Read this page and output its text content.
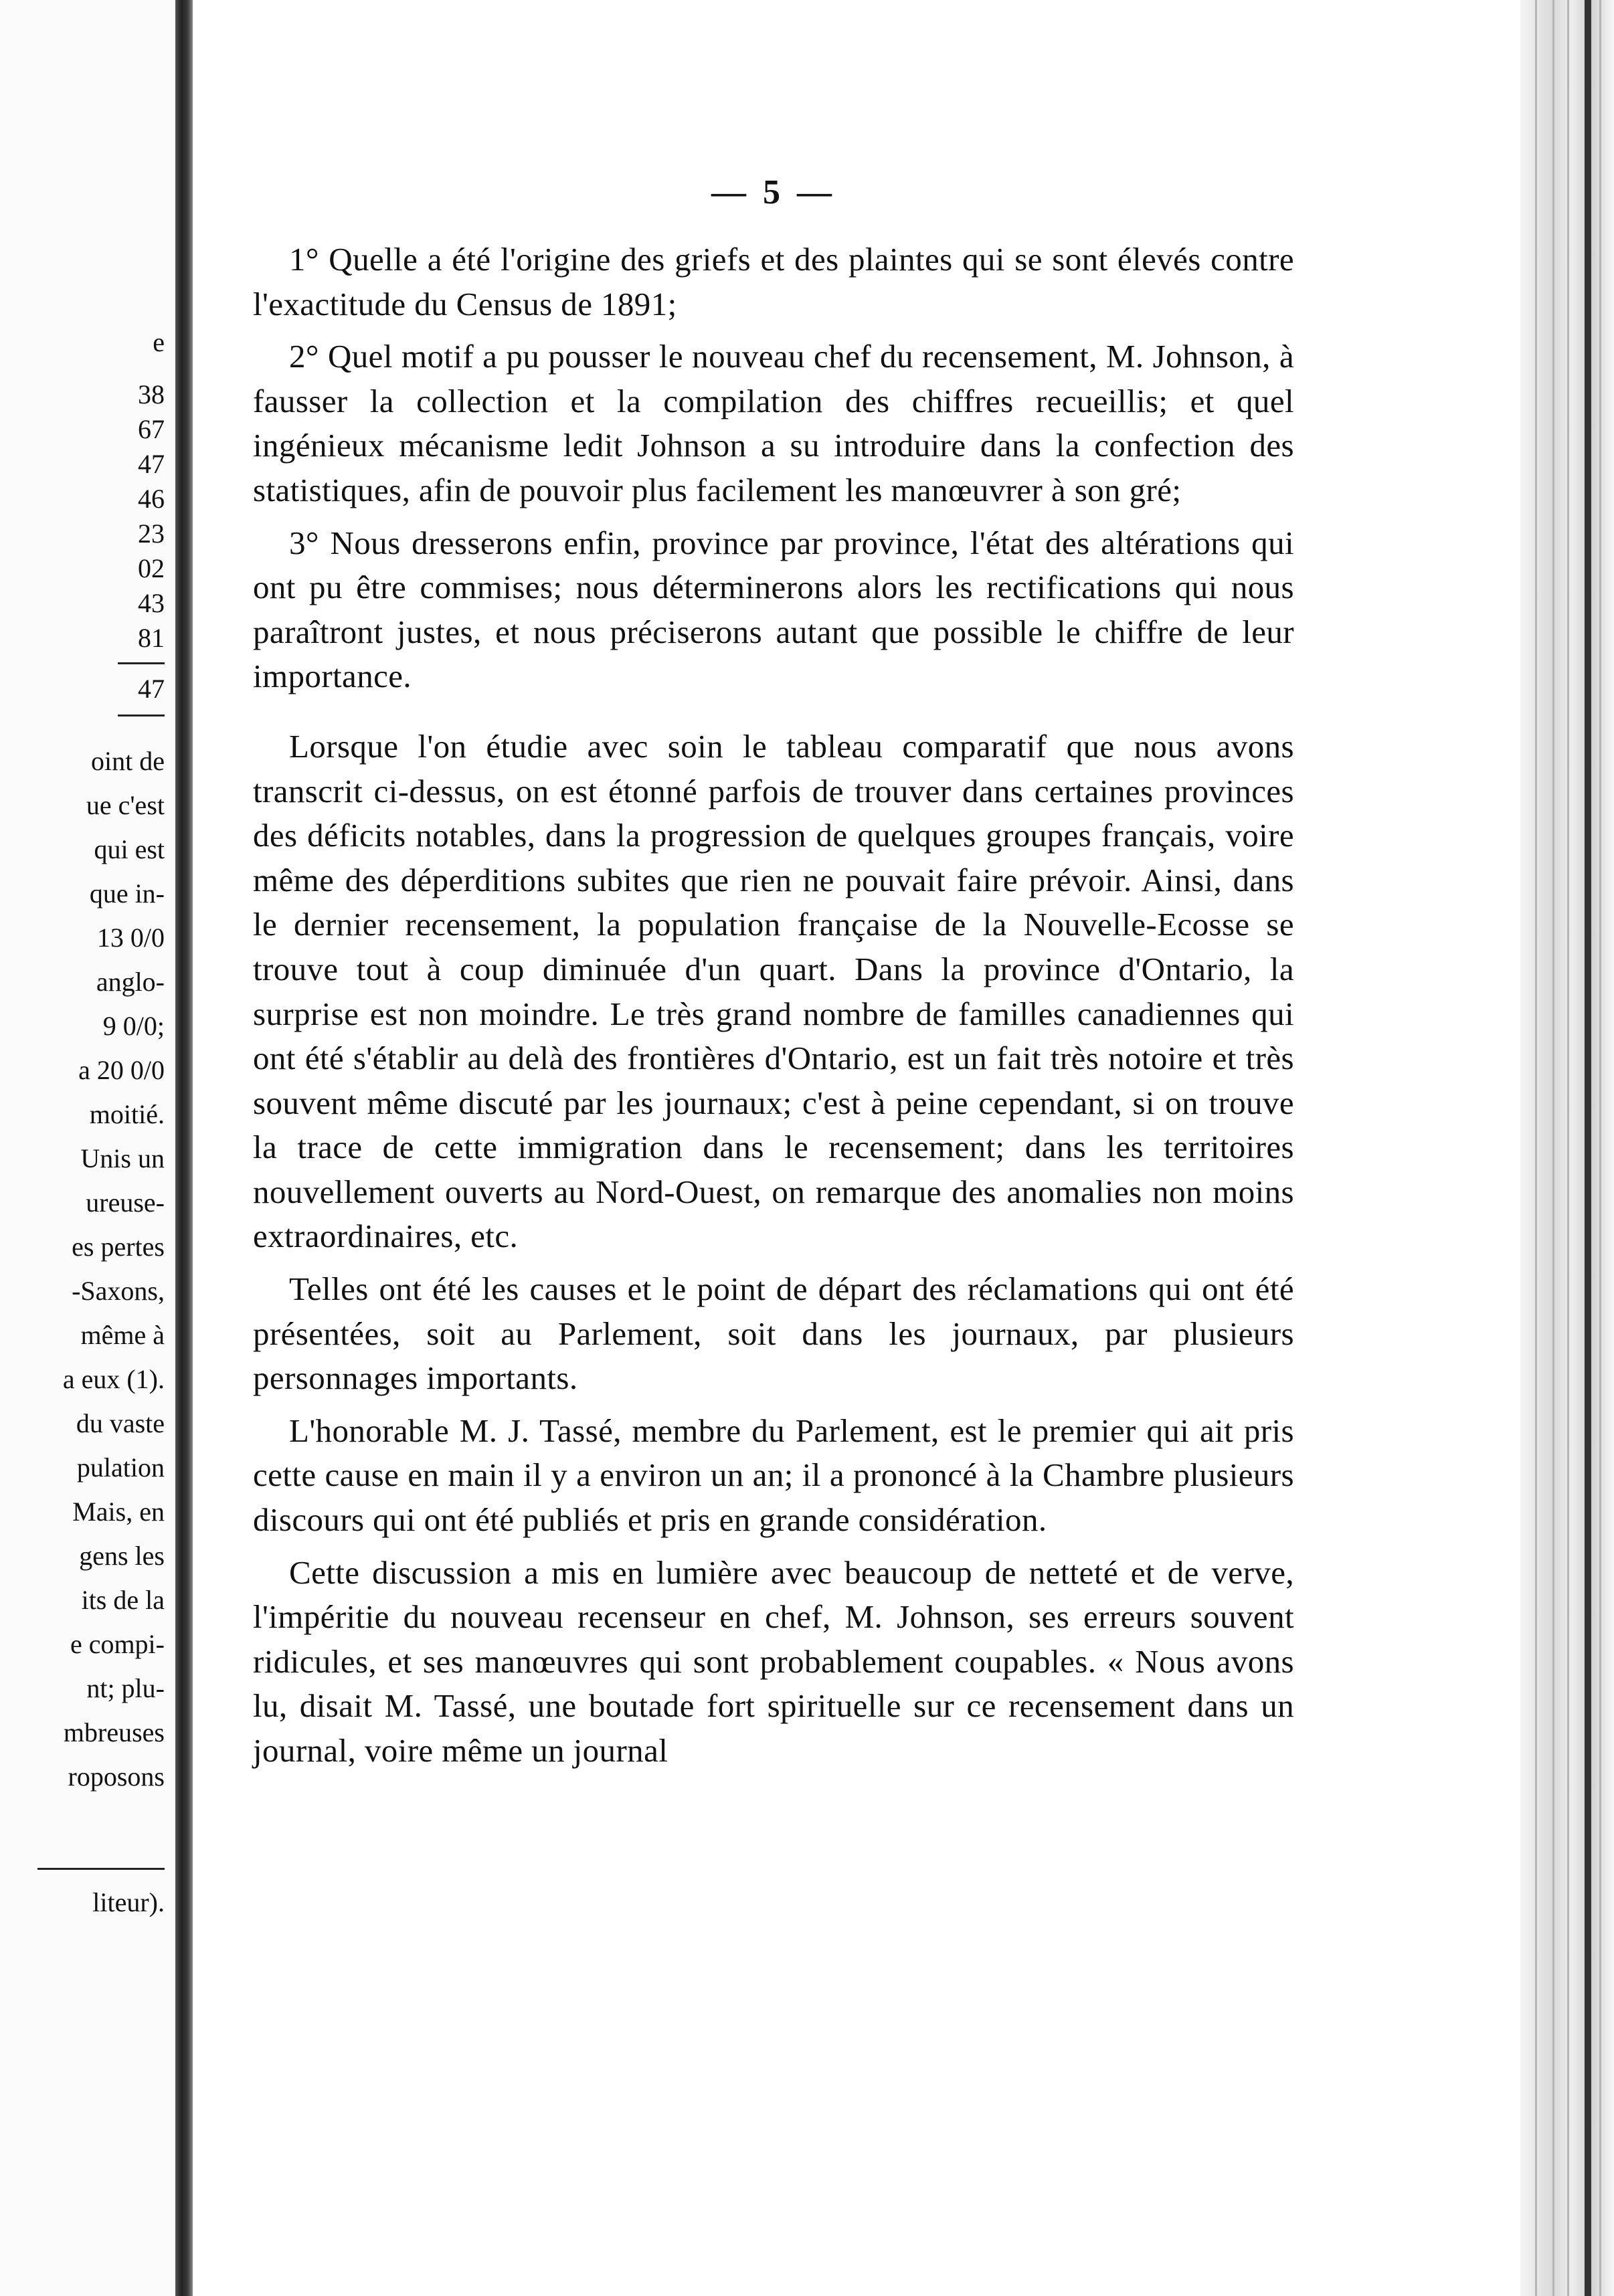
e
38
67
47
46
23
02
43
81
47
oint de
ue c'est
qui est
que in-
13 0/0
anglo-
9 0/0;
a 20 0/0
moitié.
Unis un
ureuse-
es pertes
-Saxons,
même à
a eux (1).
du vaste
pulation
Mais, en
gens les
its de la
e compi-
nt; plu-
mbreuses
roposons
liteur).
— 5 —

1° Quelle a été l'origine des griefs et des plaintes qui se sont élevés contre l'exactitude du Census de 1891;

2° Quel motif a pu pousser le nouveau chef du recensement, M. Johnson, à fausser la collection et la compilation des chiffres recueillis; et quel ingénieux mécanisme ledit Johnson a su introduire dans la confection des statistiques, afin de pouvoir plus facilement les manœuvrer à son gré;

3° Nous dresserons enfin, province par province, l'état des altérations qui ont pu être commises; nous déterminerons alors les rectifications qui nous paraîtront justes, et nous préciserons autant que possible le chiffre de leur importance.

Lorsque l'on étudie avec soin le tableau comparatif que nous avons transcrit ci-dessus, on est étonné parfois de trouver dans certaines provinces des déficits notables, dans la progression de quelques groupes français, voire même des déperditions subites que rien ne pouvait faire prévoir. Ainsi, dans le dernier recensement, la population française de la Nouvelle-Ecosse se trouve tout à coup diminuée d'un quart. Dans la province d'Ontario, la surprise est non moindre. Le très grand nombre de familles canadiennes qui ont été s'établir au delà des frontières d'Ontario, est un fait très notoire et très souvent même discuté par les journaux; c'est à peine cependant, si on trouve la trace de cette immigration dans le recensement; dans les territoires nouvellement ouverts au Nord-Ouest, on remarque des anomalies non moins extraordinaires, etc.

Telles ont été les causes et le point de départ des réclamations qui ont été présentées, soit au Parlement, soit dans les journaux, par plusieurs personnages importants.

L'honorable M. J. Tassé, membre du Parlement, est le premier qui ait pris cette cause en main il y a environ un an; il a prononcé à la Chambre plusieurs discours qui ont été publiés et pris en grande considération.

Cette discussion a mis en lumière avec beaucoup de netteté et de verve, l'impéritie du nouveau recenseur en chef, M. Johnson, ses erreurs souvent ridicules, et ses manœuvres qui sont probablement coupables. « Nous avons lu, disait M. Tassé, une boutade fort spirituelle sur ce recensement dans un journal, voire même un journal
